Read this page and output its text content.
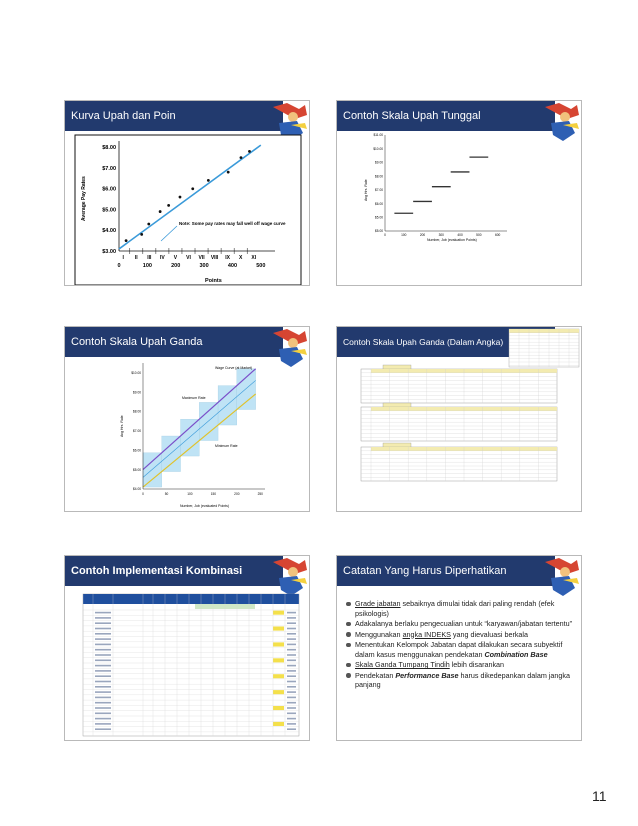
Kurva Upah dan Poin
$3.00
$4.00
$5.00
$6.00
$7.00
$8.00
0	100	200	300	400	500
I II III IV V VI VII VIII IX X XI
Average Pay Rates
Points
Note: Some pay rates may fall well off wage curve
Contoh Skala Upah Tunggal
$5.00
$5.00
$6.00
$7.00
$8.00
$9.00
$10.00
$11.00
0	100	200	300	400	500	600
Avg Hrs. Rate
Number, Job (evaluation Points)
Contoh Skala Upah Ganda
$4.00
$5.00
$6.00
$7.00
$8.00
$9.00
$10.00
0	50	100	150	200	250
Avg Hrs. Rate
Number, Job (evaluated Points)
Wage Curve (at Market)
Maximum Rate
Minimum Rate
Contoh Skala Upah Ganda (Dalam Angka)
Contoh Implementasi Kombinasi	Catatan Yang Harus Diperhatikan
Grade jabatan sebaiknya dimulai tidak dari paling rendah (efek psikologis)
Adakalanya berlaku pengecualian untuk “karyawan/jabatan tertentu”
Menggunakan angka INDEKS yang dievaluasi berkala
Menentukan Kelompok Jabatan dapat dilakukan secara subyektif dalam kasus menggunakan pendekatan Combination Base
Skala Ganda Tumpang Tindih lebih disarankan
Pendekatan Performance Base harus dikedepankan dalam jangka panjang
11
